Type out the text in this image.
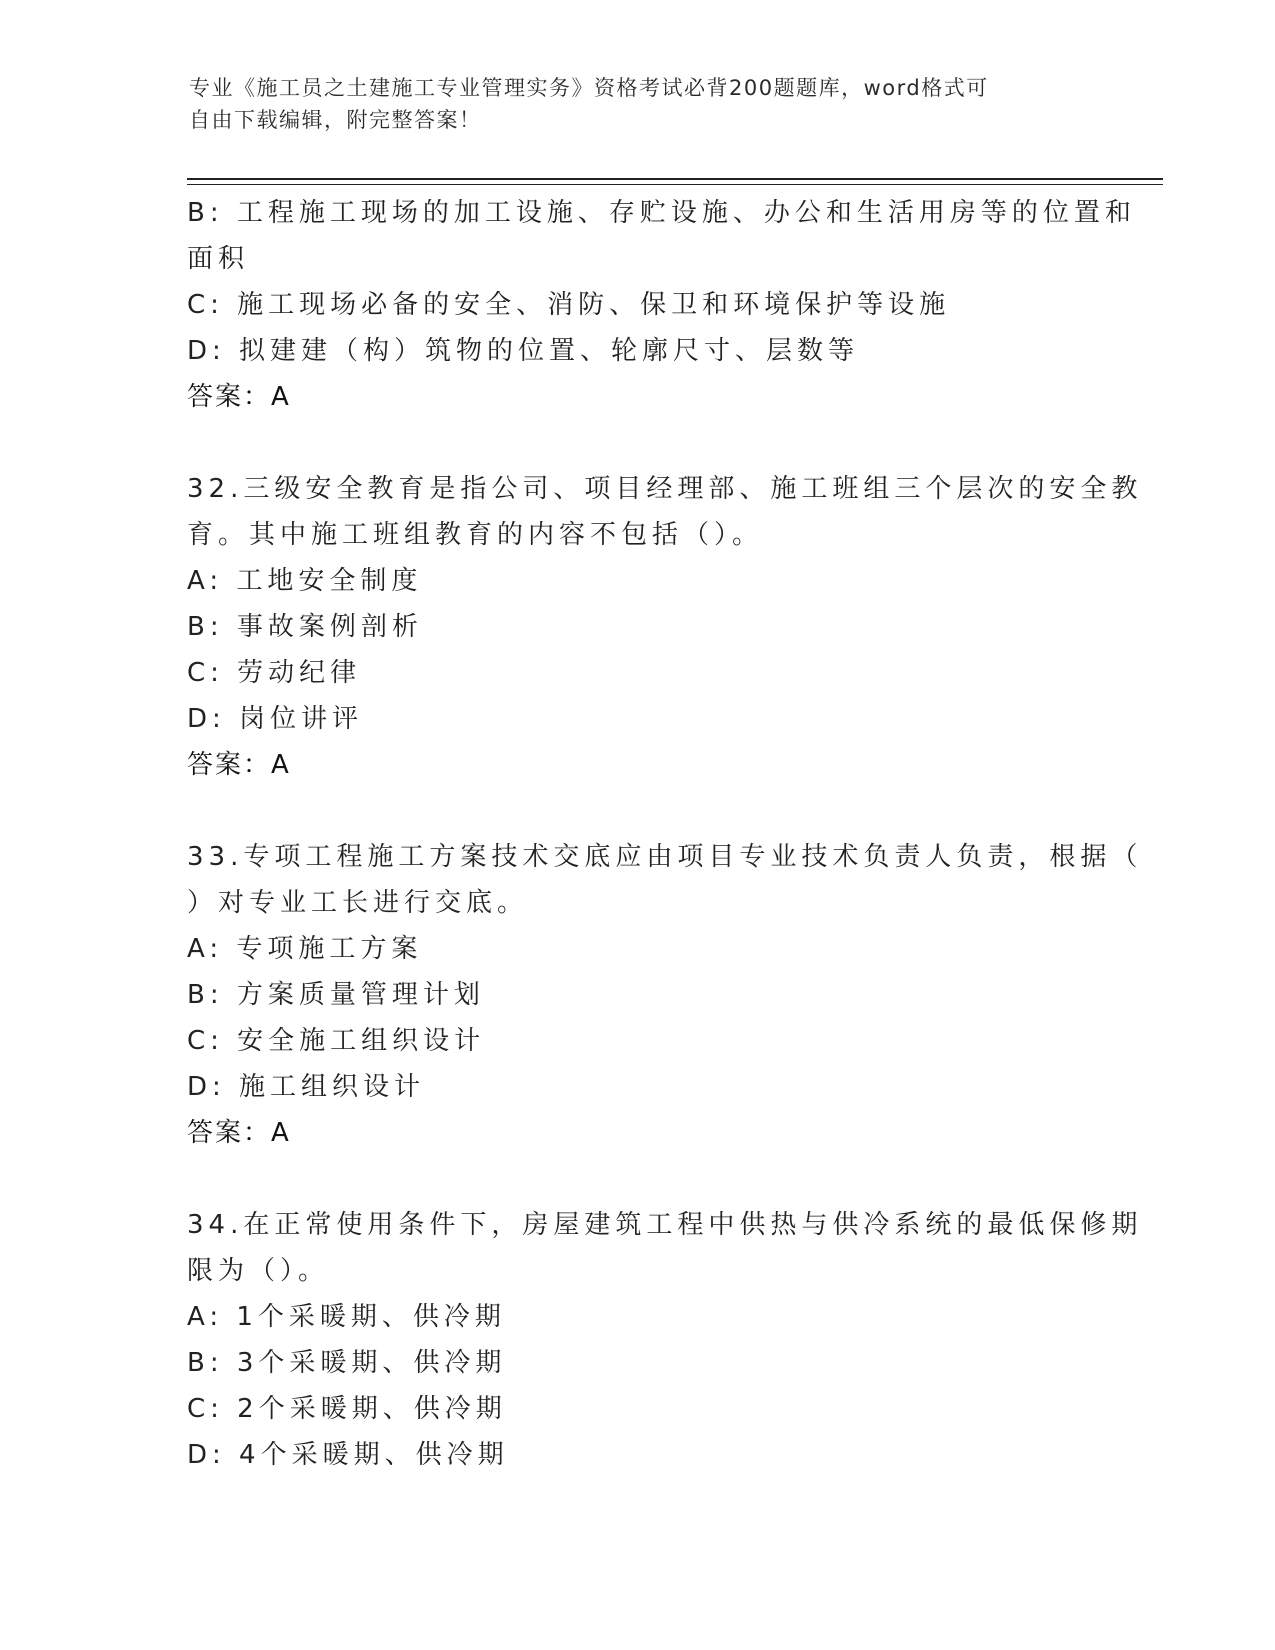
专业《施工员之土建施工专业管理实务》资格考试必背200题题库，word格式可
自由下载编辑，附完整答案！
B: 工程施工现场的加工设施、存贮设施、办公和生活用房等的位置和
面积
C: 施工现场必备的安全、消防、保卫和环境保护等设施
D: 拟建建（构）筑物的位置、轮廓尺寸、层数等
答案：A
32.三级安全教育是指公司、项目经理部、施工班组三个层次的安全教
育。其中施工班组教育的内容不包括（）。
A: 工地安全制度
B: 事故案例剖析
C: 劳动纪律
D: 岗位讲评
答案：A
33.专项工程施工方案技术交底应由项目专业技术负责人负责，根据（
）对专业工长进行交底。
A: 专项施工方案
B: 方案质量管理计划
C: 安全施工组织设计
D: 施工组织设计
答案：A
34.在正常使用条件下，房屋建筑工程中供热与供冷系统的最低保修期
限为（）。
A: 1个采暖期、供冷期
B: 3个采暖期、供冷期
C: 2个采暖期、供冷期
D: 4个采暖期、供冷期
